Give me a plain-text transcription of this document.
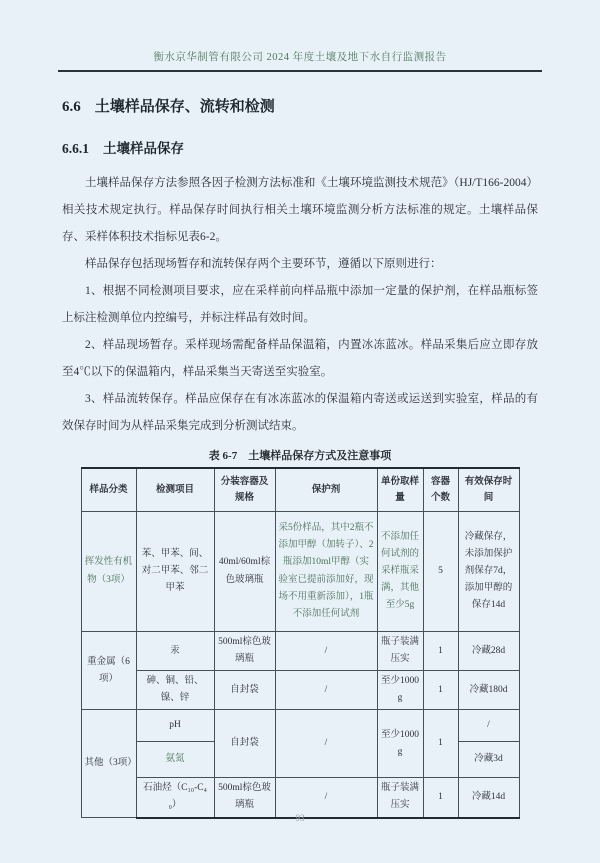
衡水京华制管有限公司 2024 年度土壤及地下水自行监测报告
6.6 土壤样品保存、流转和检测
6.6.1 土壤样品保存

土壤样品保存方法参照各因子检测方法标准和《土壤环境监测技术规范》（HJ/T166-2004）相关技术规定执行。样品保存时间执行相关土壤环境监测分析方法标准的规定。土壤样品保存、采样体积技术指标见表6-2。

样品保存包括现场暂存和流转保存两个主要环节，遵循以下原则进行：

1、根据不同检测项目要求，应在采样前向样品瓶中添加一定量的保护剂，在样品瓶标签上标注检测单位内控编号，并标注样品有效时间。

2、样品现场暂存。采样现场需配备样品保温箱，内置冰冻蓝冰。样品采集后应立即存放至4℃以下的保温箱内，样品采集当天寄送至实验室。

3、样品流转保存。样品应保存在有冰冻蓝冰的保温箱内寄送或运送到实验室，样品的有效保存时间为从样品采集完成到分析测试结束。

表 6-7　土壤样品保存方式及注意事项
样品分类	检测项目	分装容器及规格	保护剂	单份取样量	容器个数	有效保存时间
挥发性有机物（3项）	苯、甲苯、间、对二甲苯、邻二甲苯	40ml/60ml棕色玻璃瓶	采5份样品，其中2瓶不添加甲醇（加转子）、2瓶添加10ml甲醇（实验室已提前添加好，现场不用重新添加），1瓶不添加任何试剂	不添加任何试剂的采样瓶采满，其他至少5g	5	冷藏保存，未添加保护剂保存7d，添加甲醇的保存14d
重金属（6项）	汞	500ml棕色玻璃瓶	/	瓶子装满压实	1	冷藏28d
	砷、铜、铅、镍、锌	自封袋	/	至少1000g	1	冷藏180d
其他（3项）	pH	自封袋	/	至少1000g	1	/
	氨氮					冷藏3d
	石油烃（C₁₀-C₄₀）	500ml棕色玻璃瓶	/	瓶子装满压实	1	冷藏14d
93
